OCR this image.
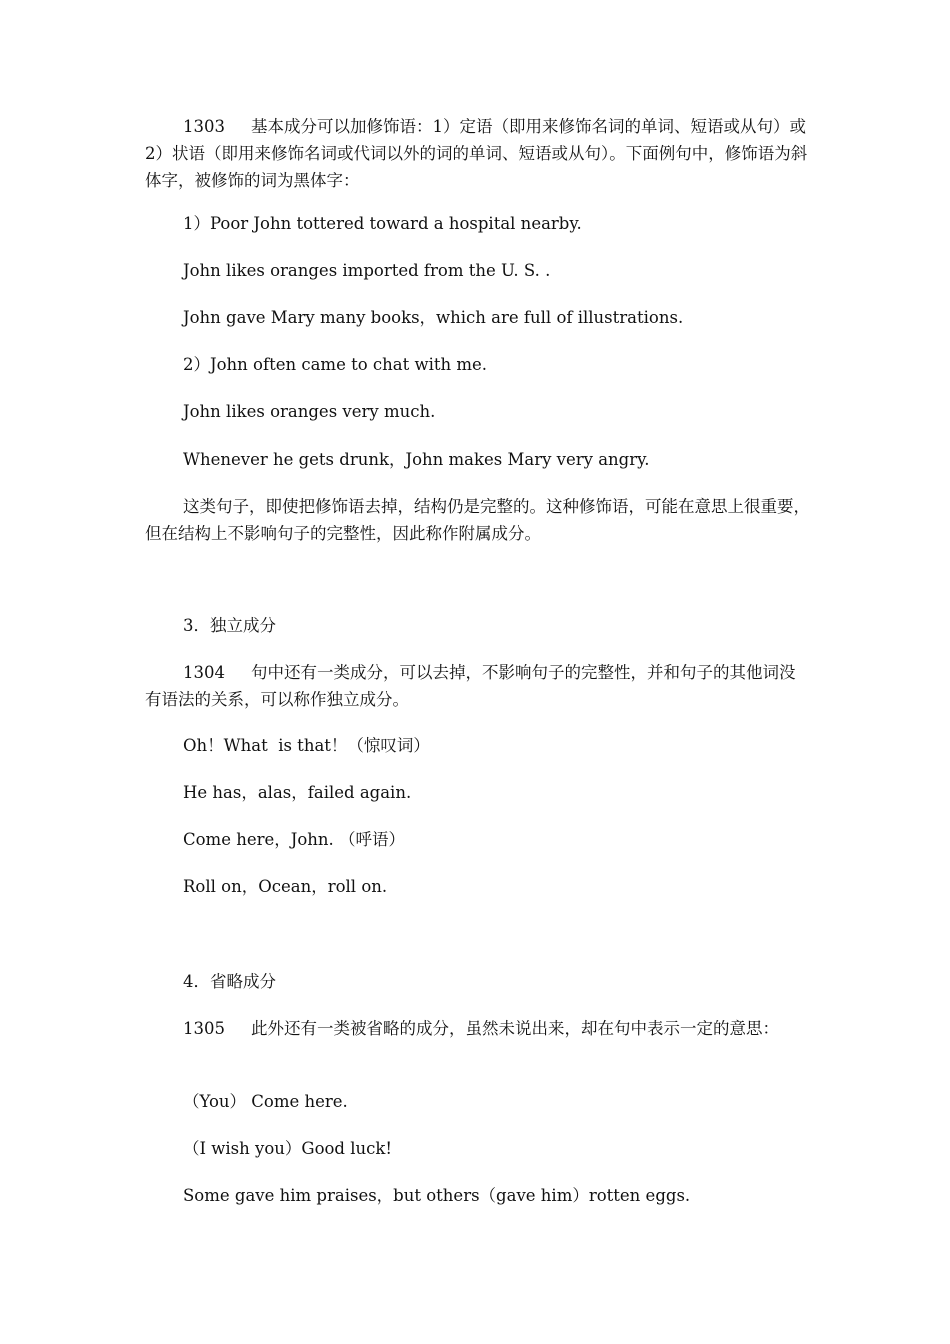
1303 基本成分可以加修饰语：1）定语（即用来修饰名词的单词、短语或从句）或2）状语（即用来修饰名词或代词以外的词的单词、短语或从句）。下面例句中，修饰语为斜体字，被修饰的词为黑体字：

1）Poor John tottered toward a hospital nearby.

John likes oranges imported from the U. S. .

John gave Mary many books，which are full of illustrations.

2）John often came to chat with me.

John likes oranges very much.

Whenever he gets drunk，John makes Mary very angry.

这类句子，即使把修饰语去掉，结构仍是完整的。这种修饰语，可能在意思上很重要，但在结构上不影响句子的完整性，因此称作附属成分。

3．独立成分

1304 句中还有一类成分，可以去掉，不影响句子的完整性，并和句子的其他词没有语法的关系，可以称作独立成分。

Oh！What  is that！（惊叹词）

He has，alas，failed again.

Come here，John. （呼语）

Roll on，Ocean，roll on.

4．省略成分

1305 此外还有一类被省略的成分，虽然未说出来，却在句中表示一定的意思：

（You） Come here.

（I wish you）Good luck!

Some gave him praises，but others（gave him）rotten eggs.
